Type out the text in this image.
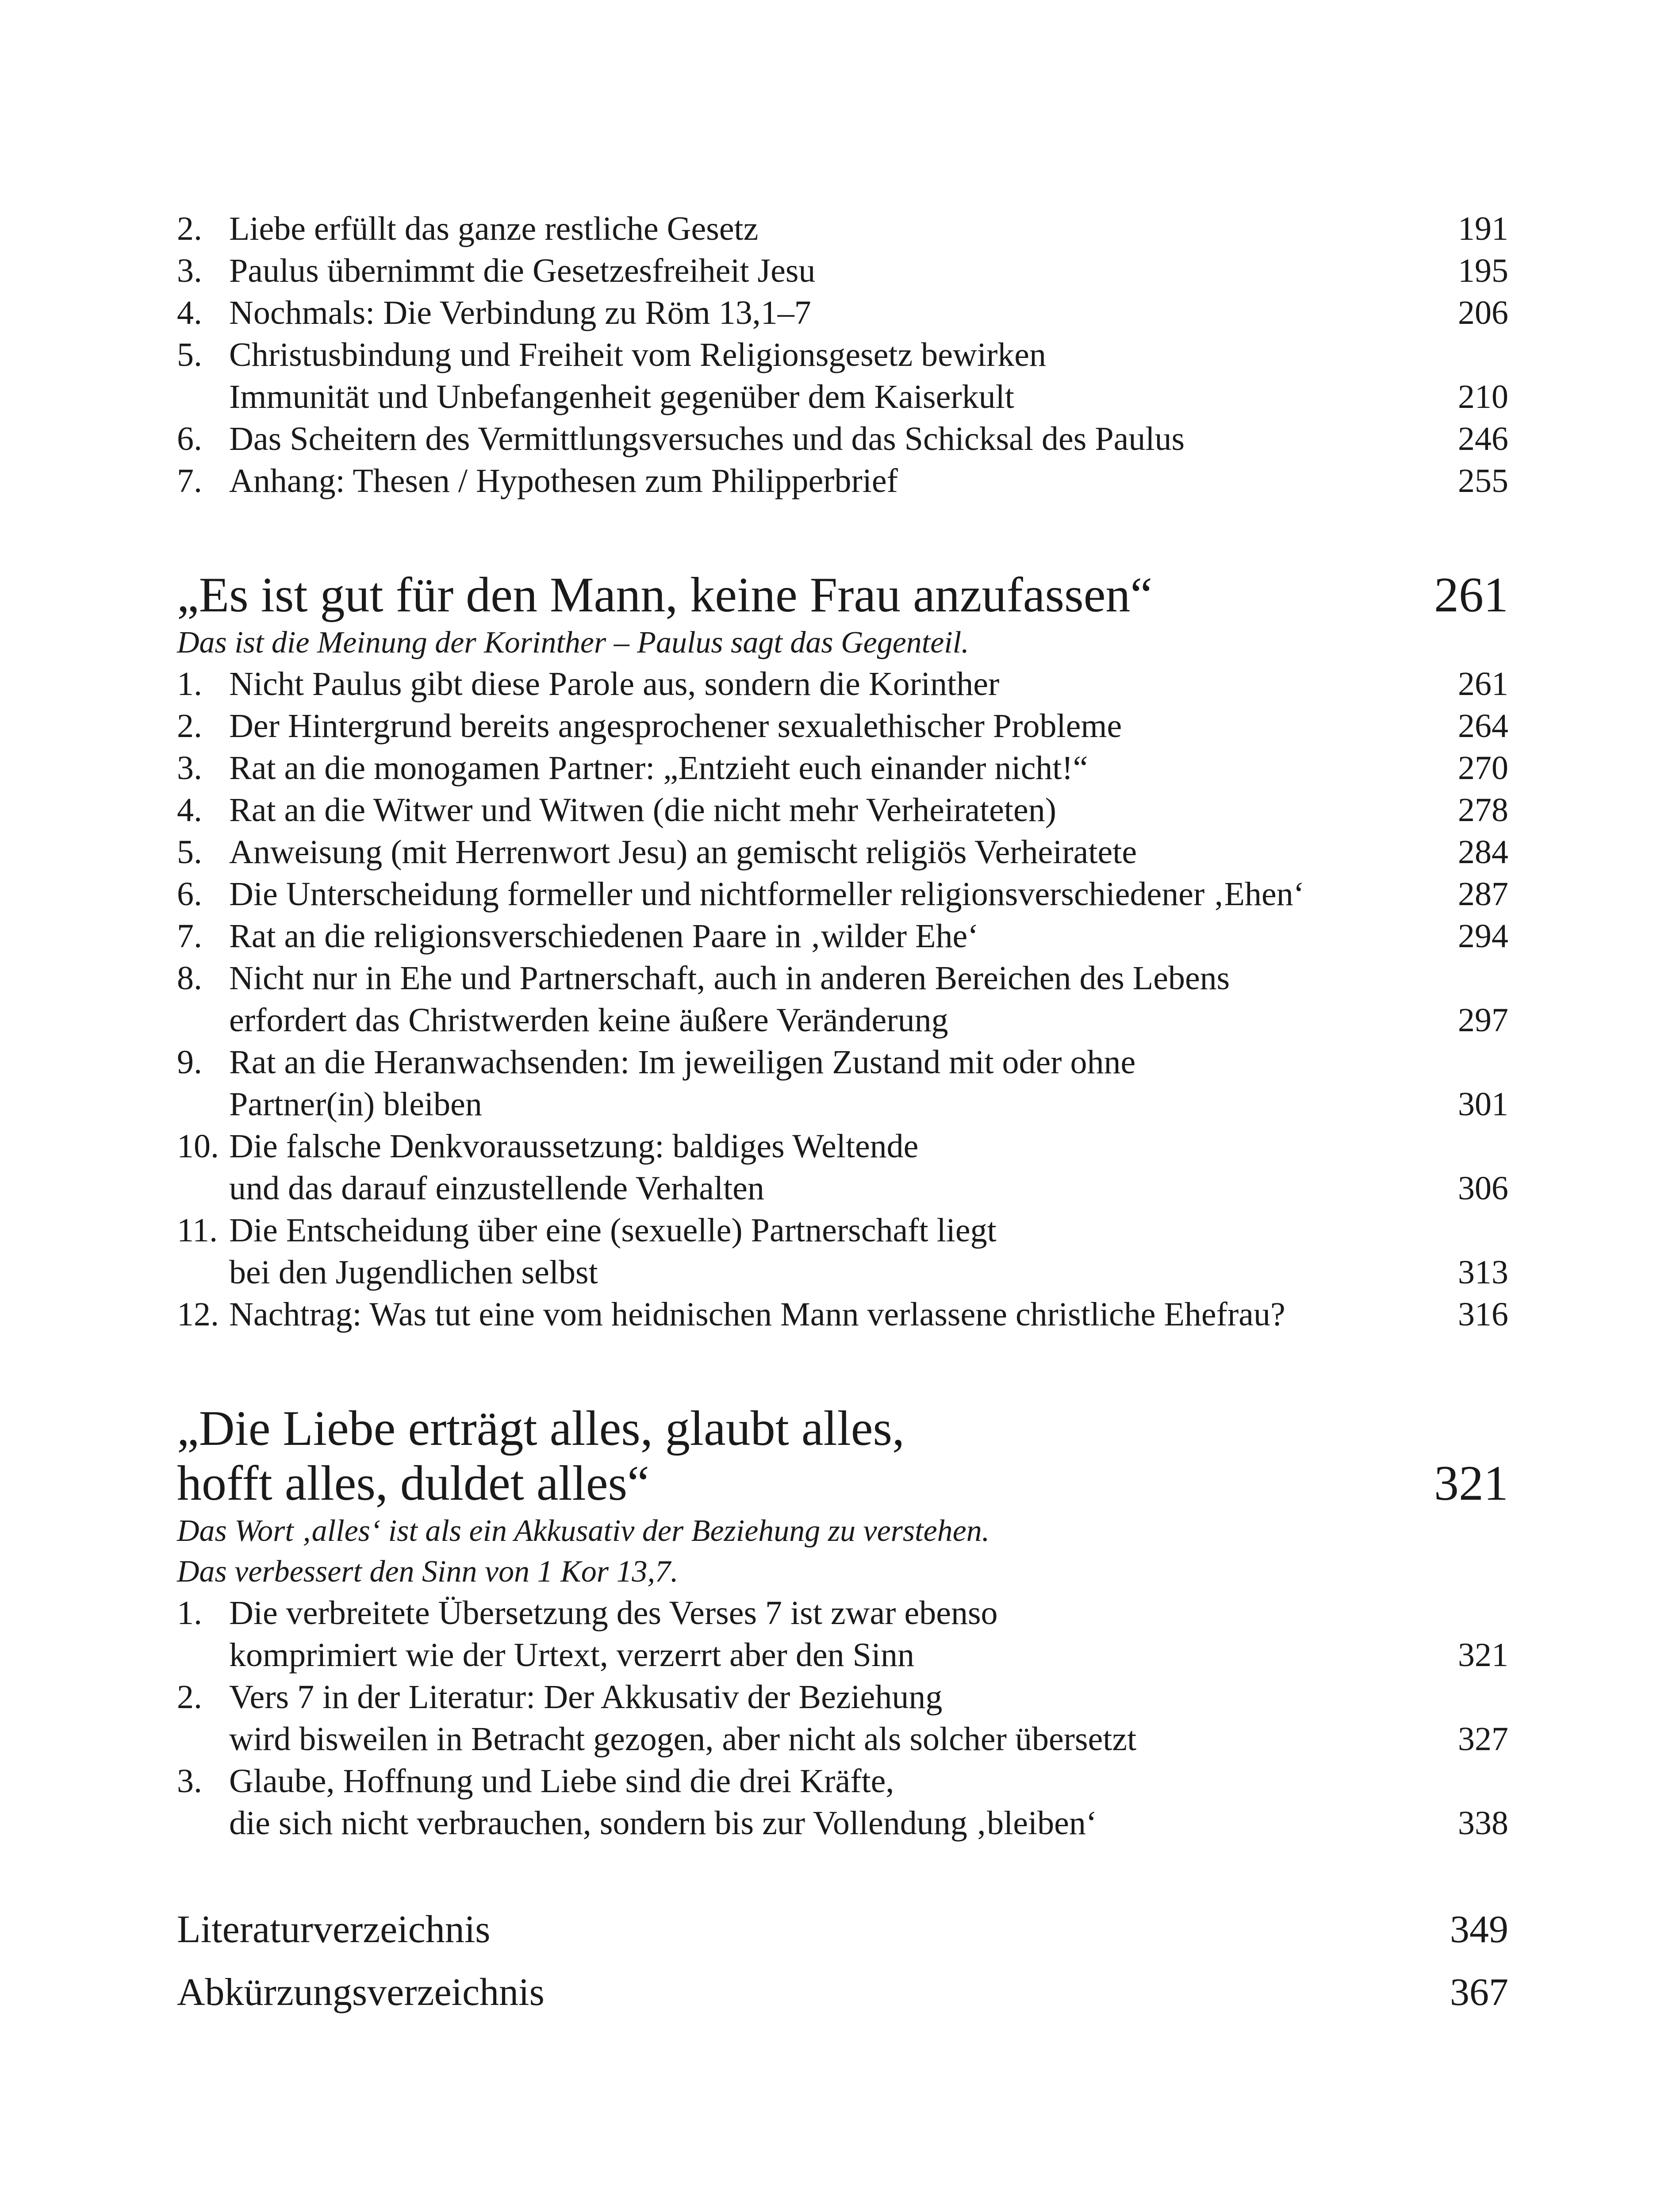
2. Liebe erfüllt das ganze restliche Gesetz	191
3. Paulus übernimmt die Gesetzesfreiheit Jesu	195
4. Nochmals: Die Verbindung zu Röm 13,1–7	206
5. Christusbindung und Freiheit vom Religionsgesetz bewirken
Immunität und Unbefangenheit gegenüber dem Kaiserkult	210
6. Das Scheitern des Vermittlungsversuches und das Schicksal des Paulus	246
7. Anhang: Thesen / Hypothesen zum Philipperbrief	255
„Es ist gut für den Mann, keine Frau anzufassen“	261
Das ist die Meinung der Korinther – Paulus sagt das Gegenteil.
1. Nicht Paulus gibt diese Parole aus, sondern die Korinther	261
2. Der Hintergrund bereits angesprochener sexualethischer Probleme	264
3. Rat an die monogamen Partner: „Entzieht euch einander nicht!“	270
4. Rat an die Witwer und Witwen (die nicht mehr Verheirateten)	278
5. Anweisung (mit Herrenwort Jesu) an gemischt religiös Verheiratete	284
6. Die Unterscheidung formeller und nichtformeller religionsverschiedener ‚Ehen‘	287
7. Rat an die religionsverschiedenen Paare in ‚wilder Ehe‘	294
8. Nicht nur in Ehe und Partnerschaft, auch in anderen Bereichen des Lebens
erfordert das Christwerden keine äußere Veränderung	297
9. Rat an die Heranwachsenden: Im jeweiligen Zustand mit oder ohne
Partner(in) bleiben	301
10. Die falsche Denkvoraussetzung: baldiges Weltende
und das darauf einzustellende Verhalten	306
11. Die Entscheidung über eine (sexuelle) Partnerschaft liegt
bei den Jugendlichen selbst	313
12. Nachtrag: Was tut eine vom heidnischen Mann verlassene christliche Ehefrau?	316
„Die Liebe erträgt alles, glaubt alles,
hofft alles, duldet alles“	321
Das Wort ‚alles‘ ist als ein Akkusativ der Beziehung zu verstehen.
Das verbessert den Sinn von 1 Kor 13,7.
1. Die verbreitete Übersetzung des Verses 7 ist zwar ebenso
komprimiert wie der Urtext, verzerrt aber den Sinn	321
2. Vers 7 in der Literatur: Der Akkusativ der Beziehung
wird bisweilen in Betracht gezogen, aber nicht als solcher übersetzt	327
3. Glaube, Hoffnung und Liebe sind die drei Kräfte,
die sich nicht verbrauchen, sondern bis zur Vollendung ‚bleiben‘	338
Literaturverzeichnis	349
Abkürzungsverzeichnis	367
